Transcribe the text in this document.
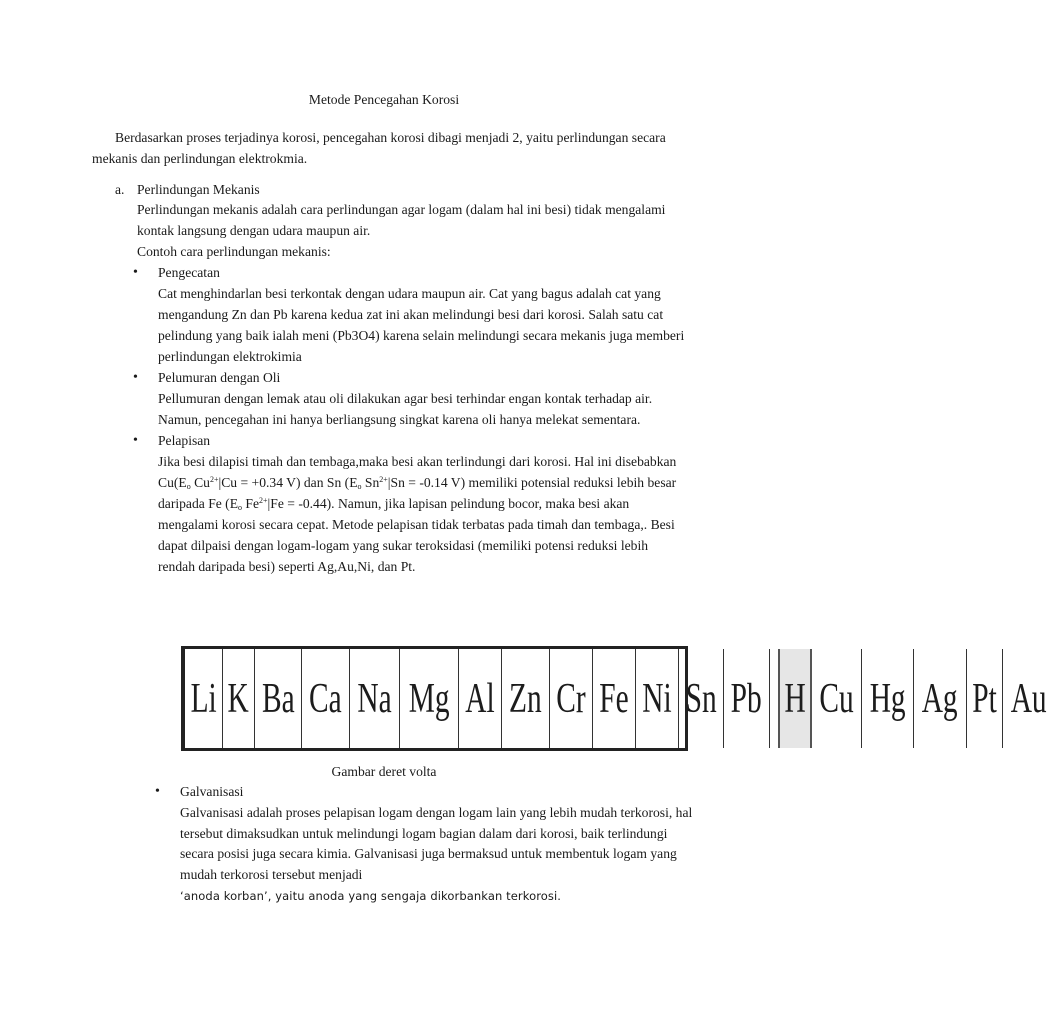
Metode Pencegahan Korosi
Berdasarkan proses terjadinya korosi, pencegahan korosi dibagi menjadi 2, yaitu perlindungan secara mekanis dan perlindungan elektrokmia.
a. Perlindungan Mekanis
Perlindungan mekanis adalah cara perlindungan agar logam (dalam hal ini besi) tidak mengalami kontak langsung dengan udara maupun air.
Contoh cara perlindungan mekanis:
• Pengecatan
Cat menghindarlan besi terkontak dengan udara maupun air. Cat yang bagus adalah cat yang mengandung Zn dan Pb karena kedua zat ini akan melindungi besi dari korosi. Salah satu cat pelindung yang baik ialah meni (Pb3O4) karena selain melindungi secara mekanis juga memberi perlindungan elektrokimia
• Pelumuran dengan Oli
Pellumuran dengan lemak atau oli dilakukan agar besi terhindar engan kontak terhadap air. Namun, pencegahan ini hanya berliangsung singkat karena oli hanya melekat sementara.
• Pelapisan
Jika besi dilapisi timah dan tembaga,maka besi akan terlindungi dari korosi. Hal ini disebabkan $Cu(E_o$ $Cu^{2+}|Cu = +0.34$ V) dan Sn ($E_o$ $Sn^{2+}|Sn = -0.14$ V) memiliki potensial reduksi lebih besar daripada Fe ($E_o$ $Fe^{2+}|Fe = -0.44$). Namun, jika lapisan pelindung bocor, maka besi akan mengalami korosi secara cepat. Metode pelapisan tidak terbatas pada timah dan tembaga,. Besi dapat dilpaisi dengan logam-logam yang sukar teroksidasi (memiliki potensi reduksi lebih rendah daripada besi) seperti Ag,Au,Ni, dan Pt.
Li K Ba Ca Na Mg Al Zn Cr Fe Ni Sn Pb H Cu Hg Ag Pt Au
Gambar deret volta
• Galvanisasi
Galvanisasi adalah proses pelapisan logam dengan logam lain yang lebih mudah terkorosi, hal tersebut dimaksudkan untuk melindungi logam bagian dalam dari korosi, baik terlindungi secara posisi juga secara kimia. Galvanisasi juga bermaksud untuk membentuk logam yang mudah terkorosi tersebut menjadi
‘anoda korban’, yaitu anoda yang sengaja dikorbankan terkorosi.
